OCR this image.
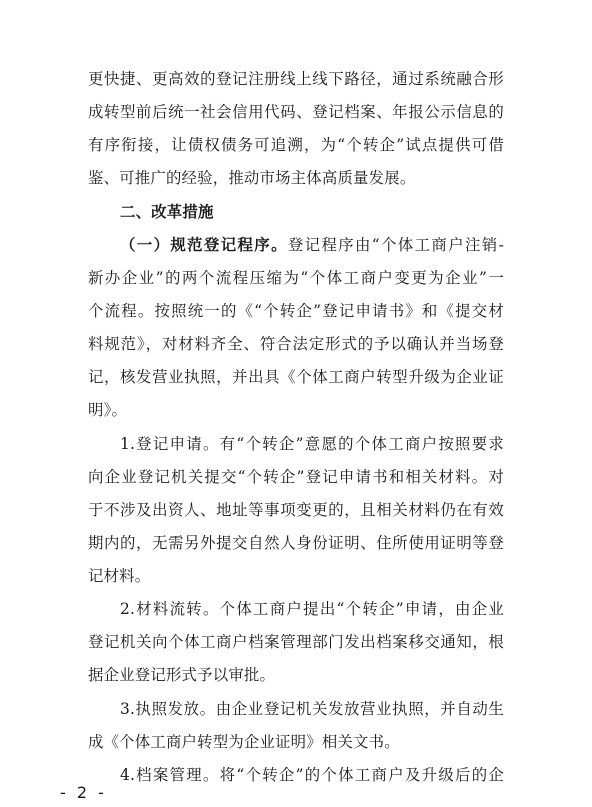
更快捷、更高效的登记注册线上线下路径，通过系统融合形
成转型前后统一社会信用代码、登记档案、年报公示信息的
有序衔接，让债权债务可追溯，为“个转企”试点提供可借
鉴、可推广的经验，推动市场主体高质量发展。
二、改革措施
（一）规范登记程序。登记程序由“个体工商户注销-
新办企业”的两个流程压缩为“个体工商户变更为企业”一
个流程。按照统一的《“个转企”登记申请书》和《提交材
料规范》，对材料齐全、符合法定形式的予以确认并当场登
记，核发营业执照，并出具《个体工商户转型升级为企业证
明》。
1.登记申请。有“个转企”意愿的个体工商户按照要求
向企业登记机关提交“个转企”登记申请书和相关材料。对
于不涉及出资人、地址等事项变更的，且相关材料仍在有效
期内的，无需另外提交自然人身份证明、住所使用证明等登
记材料。
2.材料流转。个体工商户提出“个转企”申请，由企业
登记机关向个体工商户档案管理部门发出档案移交通知，根
据企业登记形式予以审批。
3.执照发放。由企业登记机关发放营业执照，并自动生
成《个体工商户转型为企业证明》相关文书。
4.档案管理。将“个转企”的个体工商户及升级后的企
- 2 -
